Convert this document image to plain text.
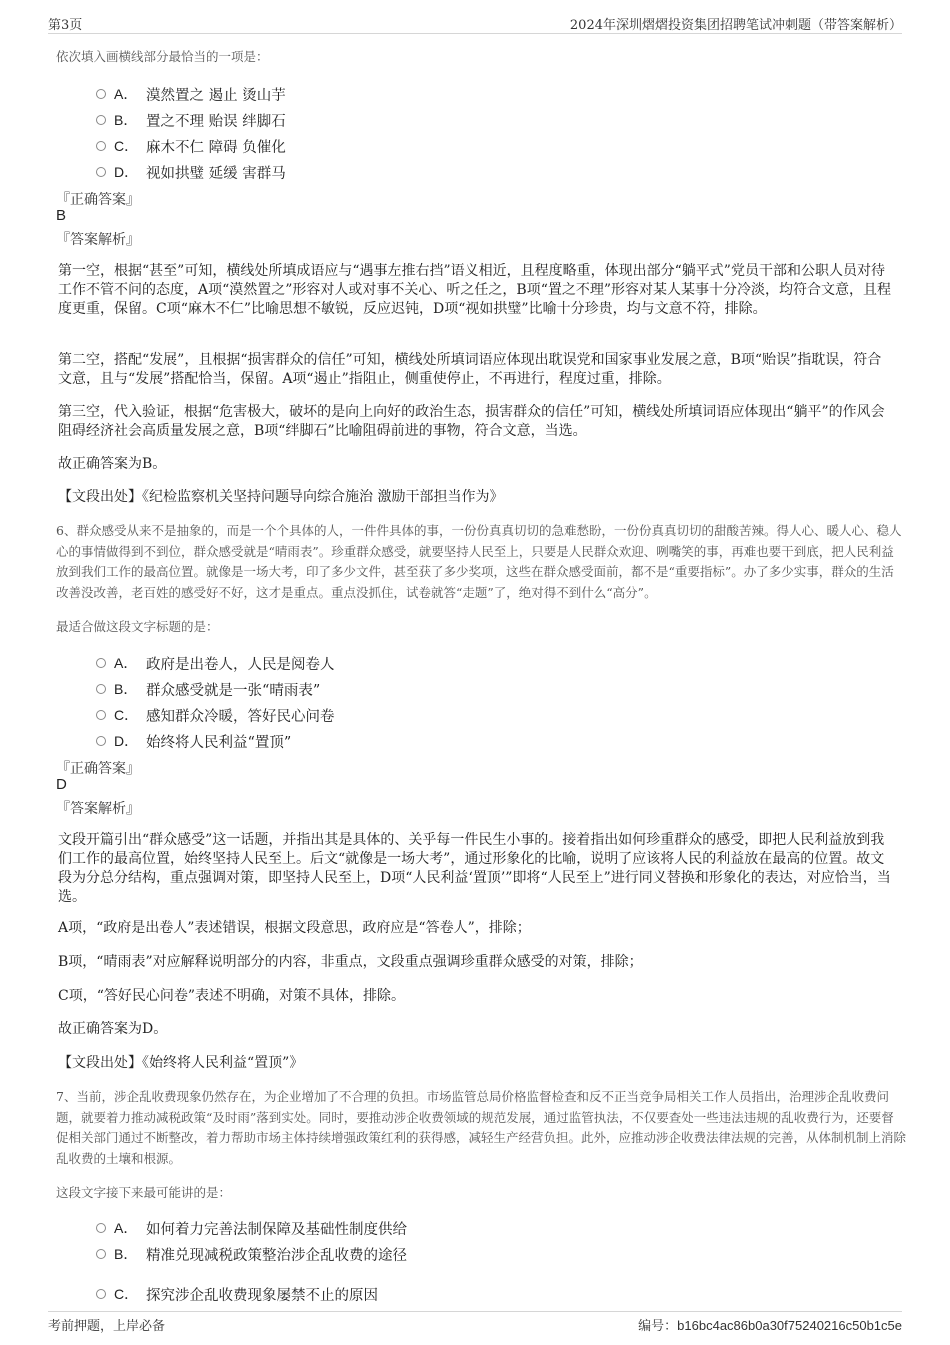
第3页	2024年深圳熠熠投资集团招聘笔试冲刺题（带答案解析）
依次填入画横线部分最恰当的一项是：
A． 漠然置之 遏止 烫山芋
B． 置之不理 贻误 绊脚石
C． 麻木不仁 障碍 负催化
D． 视如拱璧 延缓 害群马
『正确答案』
B
『答案解析』
第一空，根据“甚至”可知，横线处所填成语应与“遇事左推右挡”语义相近，且程度略重，体现出部分“躺平式”党员干部和公职人员对待工作不管不问的态度，A项“漠然置之”形容对人或对事不关心、听之任之，B项“置之不理”形容对某人某事十分冷淡，均符合文意，且程度更重，保留。C项“麻木不仁”比喻思想不敏锐，反应迟钝，D项“视如拱璧”比喻十分珍贵，均与文意不符，排除。
第二空，搭配“发展”，且根据“损害群众的信任”可知，横线处所填词语应体现出耽误党和国家事业发展之意，B项“贻误”指耽误，符合文意，且与“发展”搭配恰当，保留。A项“遏止”指阻止，侧重使停止，不再进行，程度过重，排除。
第三空，代入验证，根据“危害极大，破坏的是向上向好的政治生态，损害群众的信任”可知，横线处所填词语应体现出“躺平”的作风会阻碍经济社会高质量发展之意，B项“绊脚石”比喻阻碍前进的事物，符合文意，当选。
故正确答案为B。
【文段出处】《纪检监察机关坚持问题导向综合施治 激励干部担当作为》
6、群众感受从来不是抽象的，而是一个个具体的人，一件件具体的事，一份份真真切切的急难愁盼，一份份真真切切的甜酸苦辣。得人心、暖人心、稳人心的事情做得到不到位，群众感受就是“晴雨表”。珍重群众感受，就要坚持人民至上，只要是人民群众欢迎、咧嘴笑的事，再难也要干到底，把人民利益放到我们工作的最高位置。就像是一场大考，印了多少文件，甚至获了多少奖项，这些在群众感受面前，都不是“重要指标”。办了多少实事，群众的生活改善没改善，老百姓的感受好不好，这才是重点。重点没抓住，试卷就答“走题”了，绝对得不到什么“高分”。
最适合做这段文字标题的是：
A． 政府是出卷人，人民是阅卷人
B． 群众感受就是一张“晴雨表”
C． 感知群众冷暖，答好民心问卷
D． 始终将人民利益“置顶”
『正确答案』
D
『答案解析』
文段开篇引出“群众感受”这一话题，并指出其是具体的、关乎每一件民生小事的。接着指出如何珍重群众的感受，即把人民利益放到我们工作的最高位置，始终坚持人民至上。后文“就像是一场大考”，通过形象化的比喻，说明了应该将人民的利益放在最高的位置。故文段为分总分结构，重点强调对策，即坚持人民至上，D项“人民利益‘置顶’”即将“人民至上”进行同义替换和形象化的表达，对应恰当，当选。
A项，“政府是出卷人”表述错误，根据文段意思，政府应是“答卷人”，排除；
B项，“晴雨表”对应解释说明部分的内容，非重点，文段重点强调珍重群众感受的对策，排除；
C项，“答好民心问卷”表述不明确，对策不具体，排除。
故正确答案为D。
【文段出处】《始终将人民利益“置顶”》
7、当前，涉企乱收费现象仍然存在，为企业增加了不合理的负担。市场监管总局价格监督检查和反不正当竞争局相关工作人员指出，治理涉企乱收费问题，就要着力推动减税政策“及时雨”落到实处。同时，要推动涉企收费领域的规范发展，通过监管执法，不仅要查处一些违法违规的乱收费行为，还要督促相关部门通过不断整改，着力帮助市场主体持续增强政策红利的获得感，减轻生产经营负担。此外，应推动涉企收费法律法规的完善，从体制机制上消除乱收费的土壤和根源。
这段文字接下来最可能讲的是：
A． 如何着力完善法制保障及基础性制度供给
B． 精准兑现减税政策整治涉企乱收费的途径
C． 探究涉企乱收费现象屡禁不止的原因
考前押题，上岸必备	编号：b16bc4ac86b0a30f75240216c50b1c5e
